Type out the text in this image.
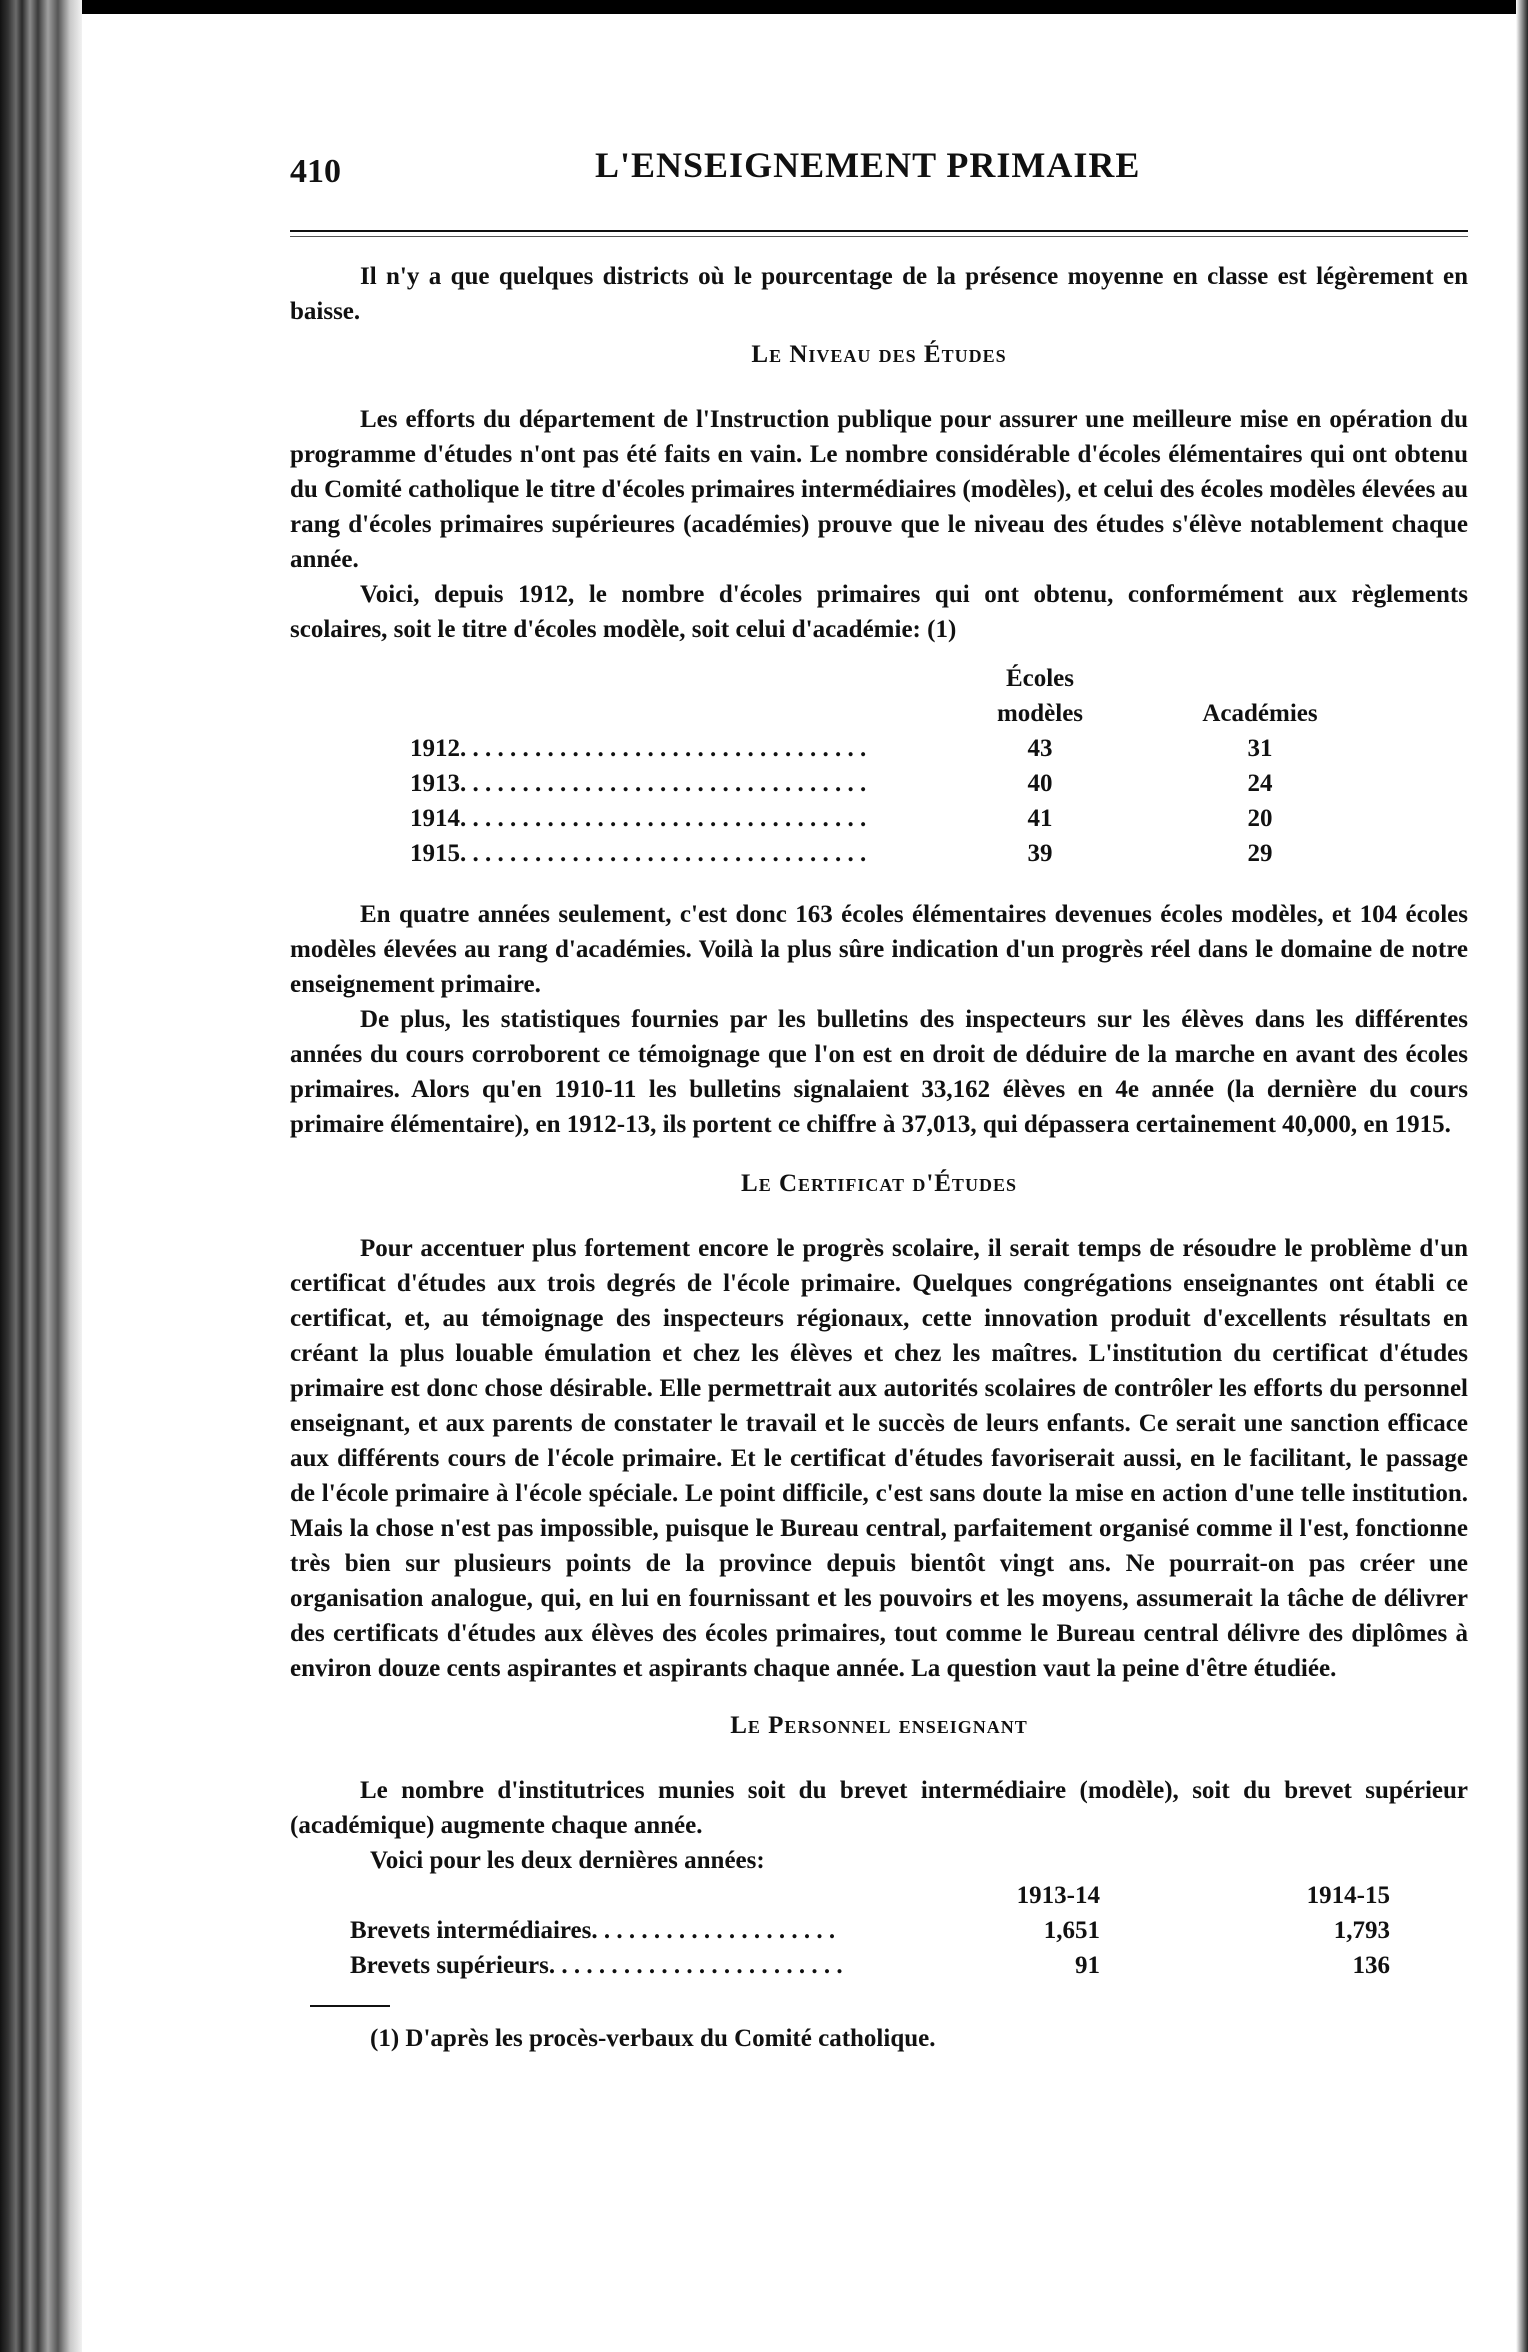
410	L'ENSEIGNEMENT PRIMAIRE

Il n'y a que quelques districts où le pourcentage de la présence moyenne en classe est légèrement en baisse.

Le Niveau des Études

Les efforts du département de l'Instruction publique pour assurer une meilleure mise en opération du programme d'études n'ont pas été faits en vain. Le nombre considérable d'écoles élémentaires qui ont obtenu du Comité catholique le titre d'écoles primaires intermédiaires (modèles), et celui des écoles modèles élevées au rang d'écoles primaires supérieures (académies) prouve que le niveau des études s'élève notablement chaque année.

Voici, depuis 1912, le nombre d'écoles primaires qui ont obtenu, conformément aux règlements scolaires, soit le titre d'écoles modèle, soit celui d'académie: (1)

	Écoles modèles	Académies
1912. . . . . . . . . . . . . . . . . . . . . . . . . . . . . . . . .	43	31
1913. . . . . . . . . . . . . . . . . . . . . . . . . . . . . . . . .	40	24
1914. . . . . . . . . . . . . . . . . . . . . . . . . . . . . . . . .	41	20
1915. . . . . . . . . . . . . . . . . . . . . . . . . . . . . . . . .	39	29

En quatre années seulement, c'est donc 163 écoles élémentaires devenues écoles modèles, et 104 écoles modèles élevées au rang d'académies. Voilà la plus sûre indication d'un progrès réel dans le domaine de notre enseignement primaire.

De plus, les statistiques fournies par les bulletins des inspecteurs sur les élèves dans les différentes années du cours corroborent ce témoignage que l'on est en droit de déduire de la marche en avant des écoles primaires. Alors qu'en 1910-11 les bulletins signalaient 33,162 élèves en 4e année (la dernière du cours primaire élémentaire), en 1912-13, ils portent ce chiffre à 37,013, qui dépassera certainement 40,000, en 1915.

Le Certificat d'Études

Pour accentuer plus fortement encore le progrès scolaire, il serait temps de résoudre le problème d'un certificat d'études aux trois degrés de l'école primaire. Quelques congrégations enseignantes ont établi ce certificat, et, au témoignage des inspecteurs régionaux, cette innovation produit d'excellents résultats en créant la plus louable émulation et chez les élèves et chez les maîtres. L'institution du certificat d'études primaire est donc chose désirable. Elle permettrait aux autorités scolaires de contrôler les efforts du personnel enseignant, et aux parents de constater le travail et le succès de leurs enfants. Ce serait une sanction efficace aux différents cours de l'école primaire. Et le certificat d'études favoriserait aussi, en le facilitant, le passage de l'école primaire à l'école spéciale. Le point difficile, c'est sans doute la mise en action d'une telle institution. Mais la chose n'est pas impossible, puisque le Bureau central, parfaitement organisé comme il l'est, fonctionne très bien sur plusieurs points de la province depuis bientôt vingt ans. Ne pourrait-on pas créer une organisation analogue, qui, en lui en fournissant et les pouvoirs et les moyens, assumerait la tâche de délivrer des certificats d'études aux élèves des écoles primaires, tout comme le Bureau central délivre des diplômes à environ douze cents aspirantes et aspirants chaque année. La question vaut la peine d'être étudiée.

Le Personnel enseignant

Le nombre d'institutrices munies soit du brevet intermédiaire (modèle), soit du brevet supérieur (académique) augmente chaque année.

Voici pour les deux dernières années:

	1913-14	1914-15
Brevets intermédiaires. . . . . . . . . . . . . . . . . . . .	1,651	1,793
Brevets supérieurs. . . . . . . . . . . . . . . . . . . . . . . .	91	136

(1) D'après les procès-verbaux du Comité catholique.
